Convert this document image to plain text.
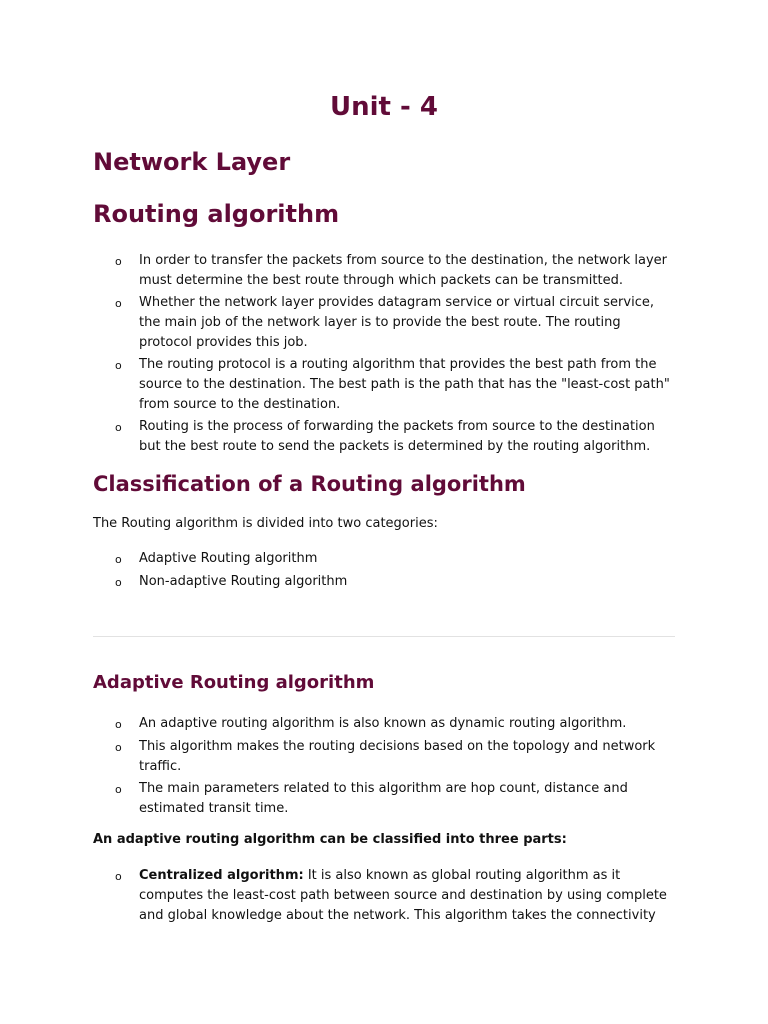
Unit - 4
Network Layer
Routing algorithm
o In order to transfer the packets from source to the destination, the network layer must determine the best route through which packets can be transmitted.
o Whether the network layer provides datagram service or virtual circuit service, the main job of the network layer is to provide the best route. The routing protocol provides this job.
o The routing protocol is a routing algorithm that provides the best path from the source to the destination. The best path is the path that has the "least-cost path" from source to the destination.
o Routing is the process of forwarding the packets from source to the destination but the best route to send the packets is determined by the routing algorithm.
Classification of a Routing algorithm

The Routing algorithm is divided into two categories:

o Adaptive Routing algorithm
o Non-adaptive Routing algorithm
Adaptive Routing algorithm
o An adaptive routing algorithm is also known as dynamic routing algorithm.
o This algorithm makes the routing decisions based on the topology and network traffic.
o The main parameters related to this algorithm are hop count, distance and estimated transit time.

An adaptive routing algorithm can be classified into three parts:

o Centralized algorithm: It is also known as global routing algorithm as it computes the least-cost path between source and destination by using complete and global knowledge about the network. This algorithm takes the connectivity
